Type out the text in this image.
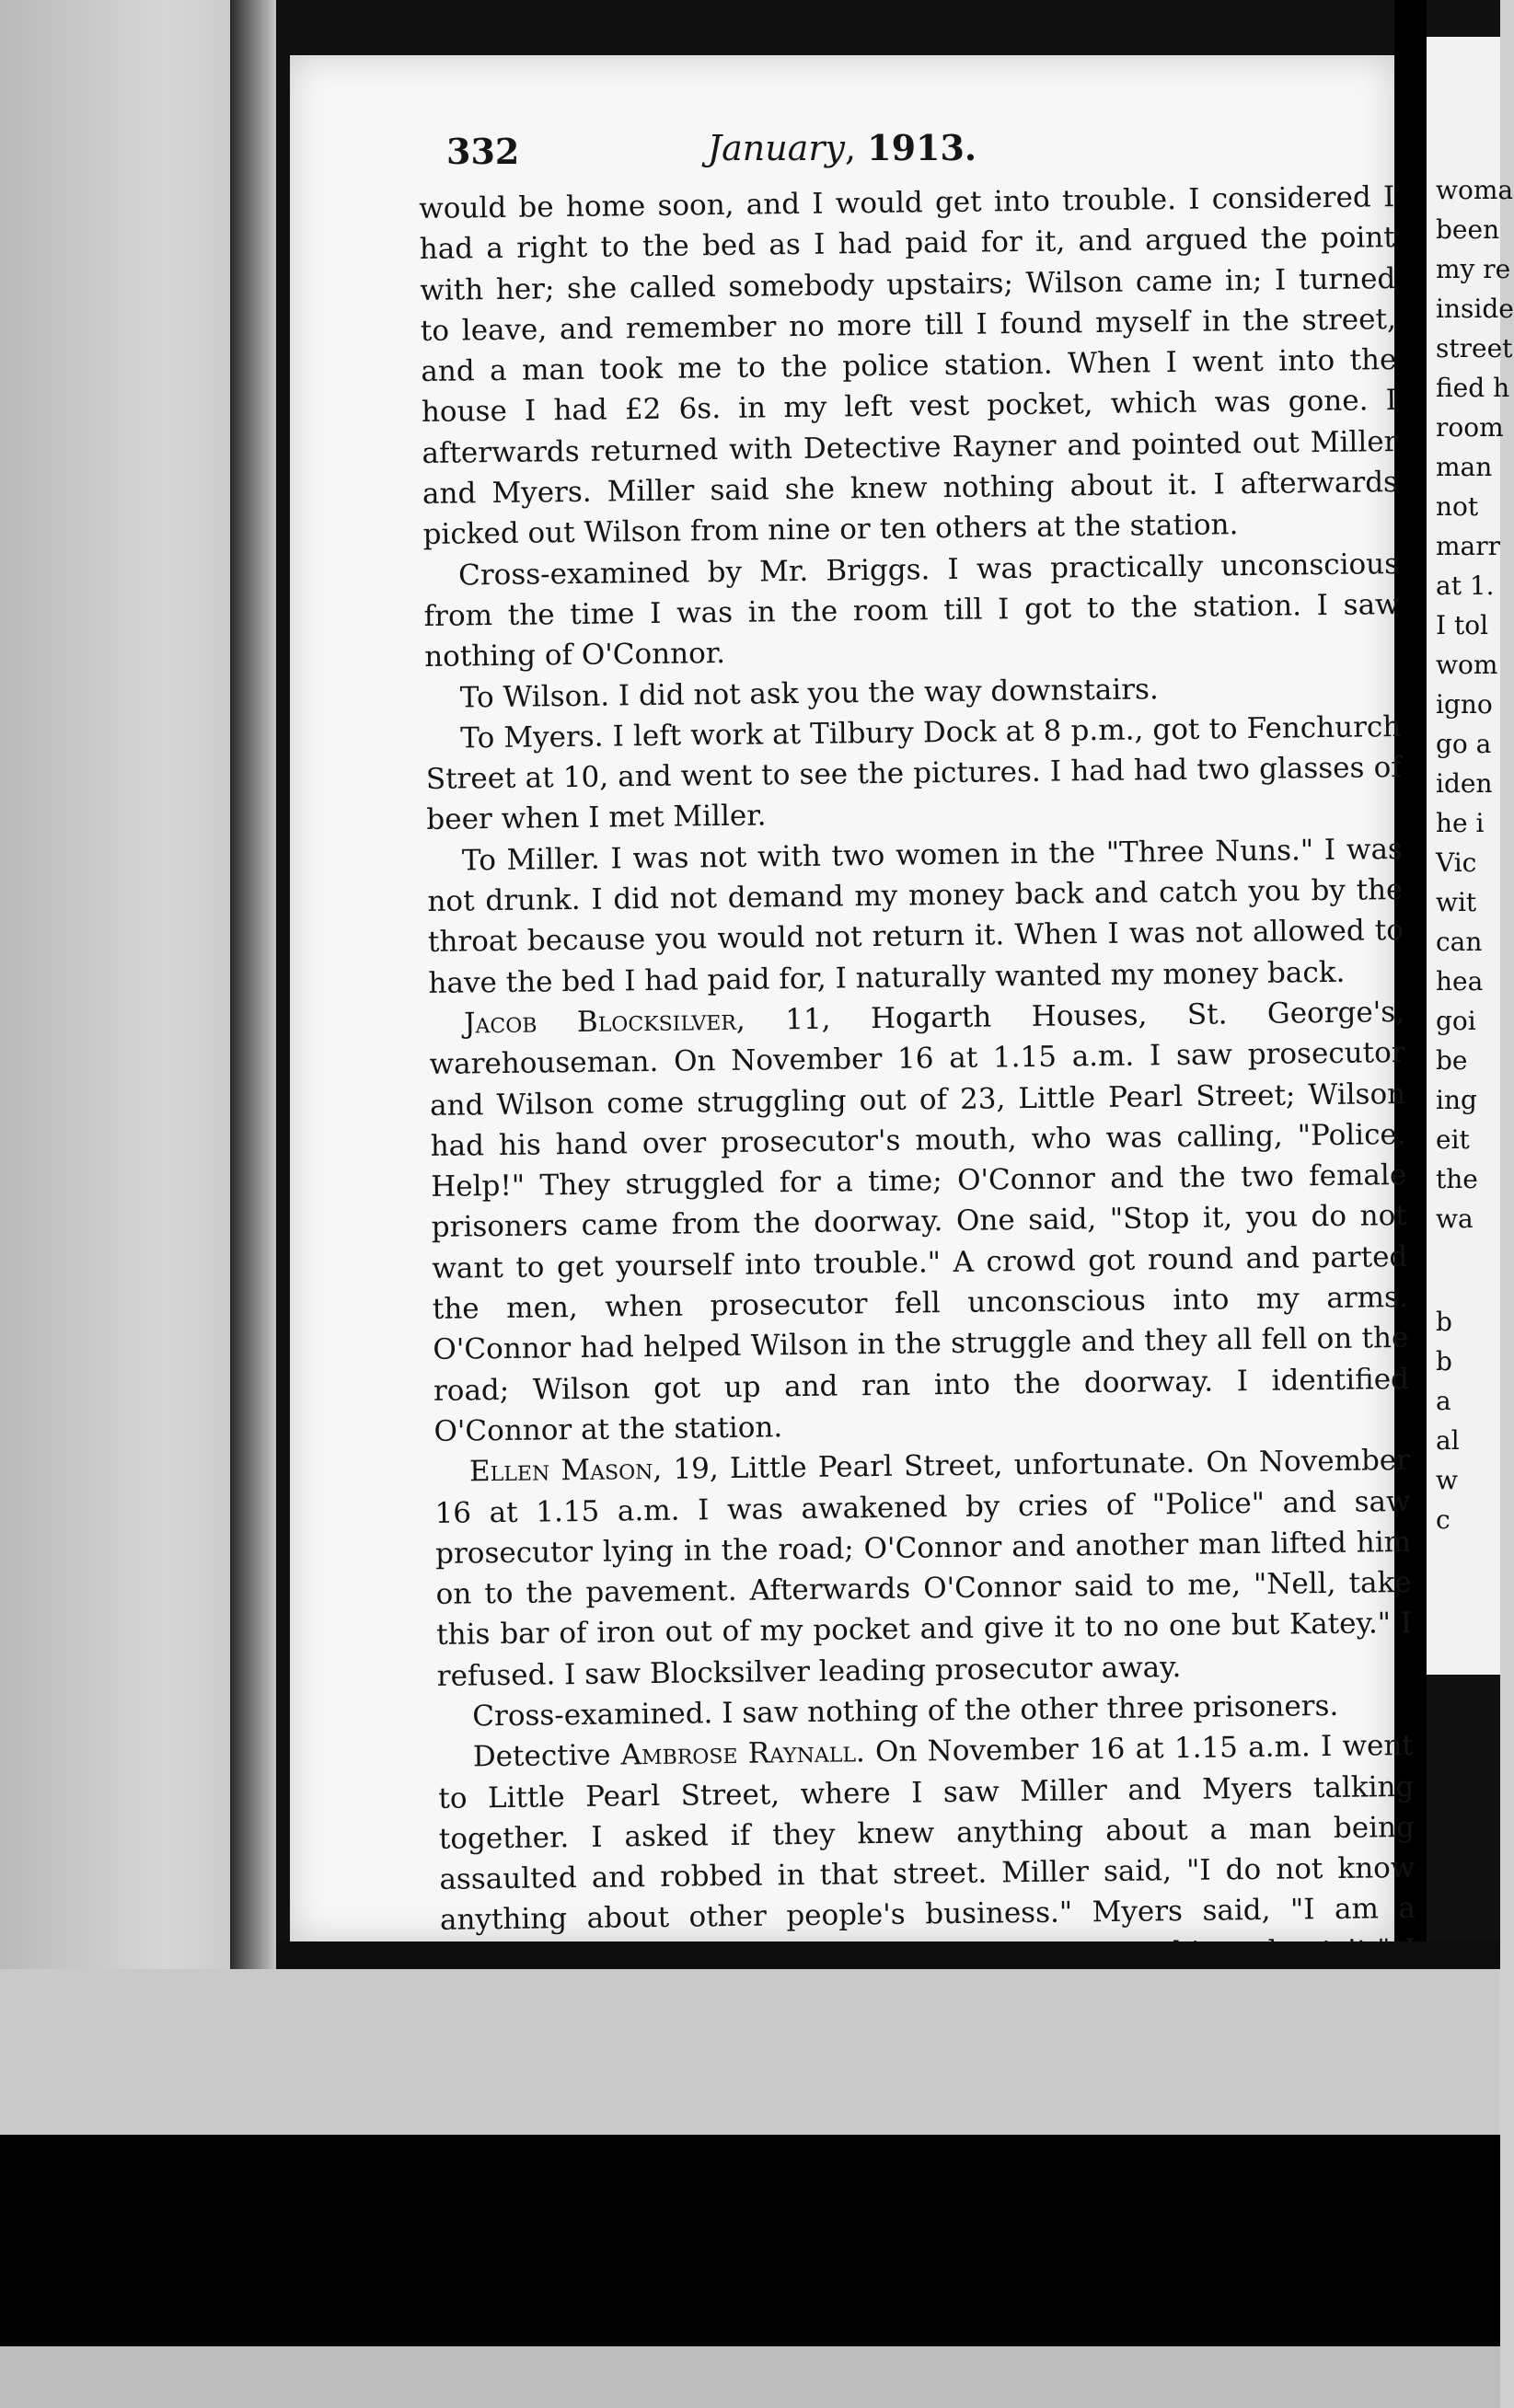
woma
been
my re
inside
street
fied h
room
man
not
marr
at 1.
I tol
wom
igno
go a
iden
he i
Vic
wit
can
hea
goi
be
ing
eit
the
wa
b
b
a
al
w
c
332	January, 1913.

would be home soon, and I would get into trouble. I considered I had a right to the bed as I had paid for it, and argued the point with her; she called somebody upstairs; Wilson came in; I turned to leave, and remember no more till I found myself in the street, and a man took me to the police station. When I went into the house I had £2 6s. in my left vest pocket, which was gone. I afterwards returned with Detective Rayner and pointed out Miller and Myers. Miller said she knew nothing about it. I afterwards picked out Wilson from nine or ten others at the station.

Cross-examined by Mr. Briggs. I was practically unconscious from the time I was in the room till I got to the station. I saw nothing of O'Connor.

To Wilson. I did not ask you the way downstairs.

To Myers. I left work at Tilbury Dock at 8 p.m., got to Fenchurch Street at 10, and went to see the pictures. I had had two glasses of beer when I met Miller.

To Miller. I was not with two women in the "Three Nuns." I was not drunk. I did not demand my money back and catch you by the throat because you would not return it. When I was not allowed to have the bed I had paid for, I naturally wanted my money back.

Jacob Blocksilver, 11, Hogarth Houses, St. George's, warehouseman. On November 16 at 1.15 a.m. I saw prosecutor and Wilson come struggling out of 23, Little Pearl Street; Wilson had his hand over prosecutor's mouth, who was calling, "Police. Help!" They struggled for a time; O'Connor and the two female prisoners came from the doorway. One said, "Stop it, you do not want to get yourself into trouble." A crowd got round and parted the men, when prosecutor fell unconscious into my arms. O'Connor had helped Wilson in the struggle and they all fell on the road; Wilson got up and ran into the doorway. I identified O'Connor at the station.

Ellen Mason, 19, Little Pearl Street, unfortunate. On November 16 at 1.15 a.m. I was awakened by cries of "Police" and saw prosecutor lying in the road; O'Connor and another man lifted him on to the pavement. Afterwards O'Connor said to me, "Nell, take this bar of iron out of my pocket and give it to no one but Katey." I refused. I saw Blocksilver leading prosecutor away.

Cross-examined. I saw nothing of the other three prisoners.

Detective Ambrose Raynall. On November 16 at 1.15 a.m. I went to Little Pearl Street, where I saw Miller and Myers talking together. I asked if they knew anything about a man being assaulted and robbed in that street. Miller said, "I do not know anything about other people's business." Myers said, "I am a
